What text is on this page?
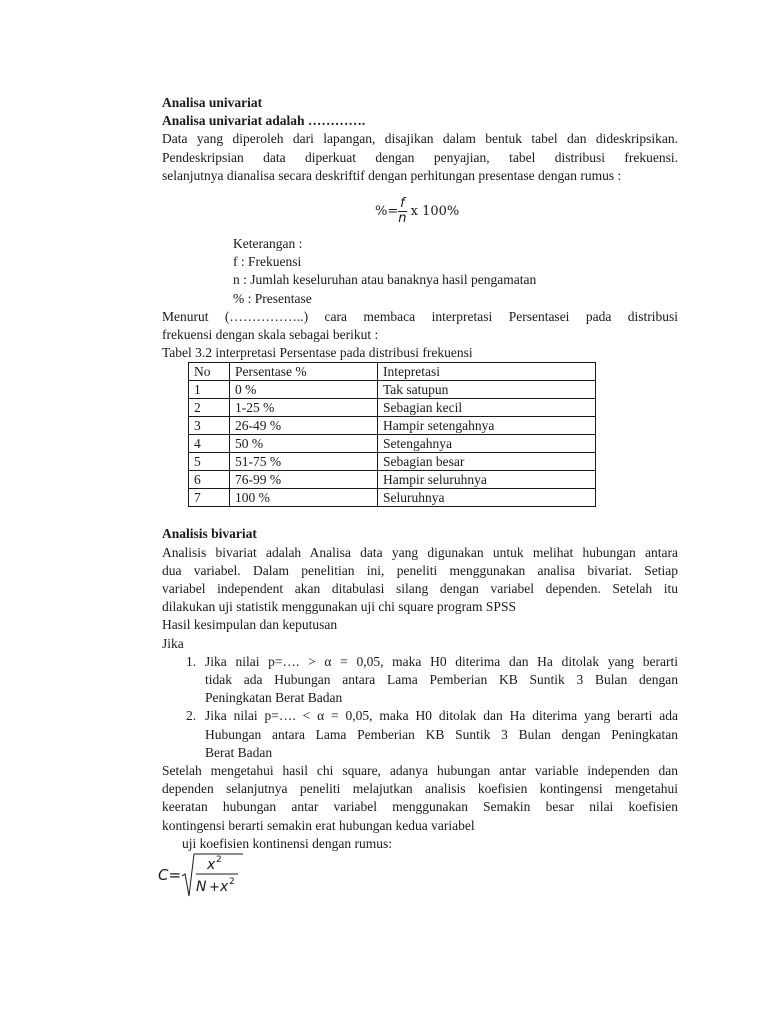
Analisa univariat

Analisa univariat adalah ………….

Data yang diperoleh dari lapangan, disajikan dalam bentuk tabel dan dideskripsikan.

Pendeskripsian data diperkuat dengan penyajian, tabel distribusi frekuensi.

selanjutnya dianalisa secara deskriftif dengan perhitungan presentase dengan rumus :

%= $\frac{f}{n}$ x 100%

Keterangan :

f : Frekuensi

n : Jumlah keseluruhan atau banaknya hasil pengamatan

% : Presentase

Menurut (……………..) cara membaca interpretasi Persentasei pada distribusi

frekuensi dengan skala sebagai berikut :

Tabel 3.2 interpretasi Persentase pada distribusi frekuensi

No	Persentase %	Intepretasi
1	0 %	Tak satupun
2	1-25 %	Sebagian kecil
3	26-49 %	Hampir setengahnya
4	50 %	Setengahnya
5	51-75 %	Sebagian besar
6	76-99 %	Hampir seluruhnya
7	100 %	Seluruhnya

Analisis bivariat

Analisis bivariat adalah Analisa data yang digunakan untuk melihat hubungan antara

dua variabel. Dalam penelitian ini, peneliti menggunakan analisa bivariat. Setiap

variabel independent akan ditabulasi silang dengan variabel dependen. Setelah itu

dilakukan uji statistik menggunakan uji chi square program SPSS

Hasil kesimpulan dan keputusan

Jika

1. Jika nilai p=…. > α = 0,05, maka H0 diterima dan Ha ditolak yang berarti

tidak ada Hubungan antara Lama Pemberian KB Suntik 3 Bulan dengan

Peningkatan Berat Badan

2. Jika nilai p=…. < α = 0,05, maka H0 ditolak dan Ha diterima yang berarti ada

Hubungan antara Lama Pemberian KB Suntik 3 Bulan dengan Peningkatan

Berat Badan

Setelah mengetahui hasil chi square, adanya hubungan antar variable independen dan

dependen selanjutnya peneliti melajutkan analisis koefisien kontingensi mengetahui

keeratan hubungan antar variabel menggunakan Semakin besar nilai koefisien

kontingensi berarti semakin erat hubungan kedua variabel

uji koefisien kontinensi dengan rumus:

C=
x 2
N + x 2
